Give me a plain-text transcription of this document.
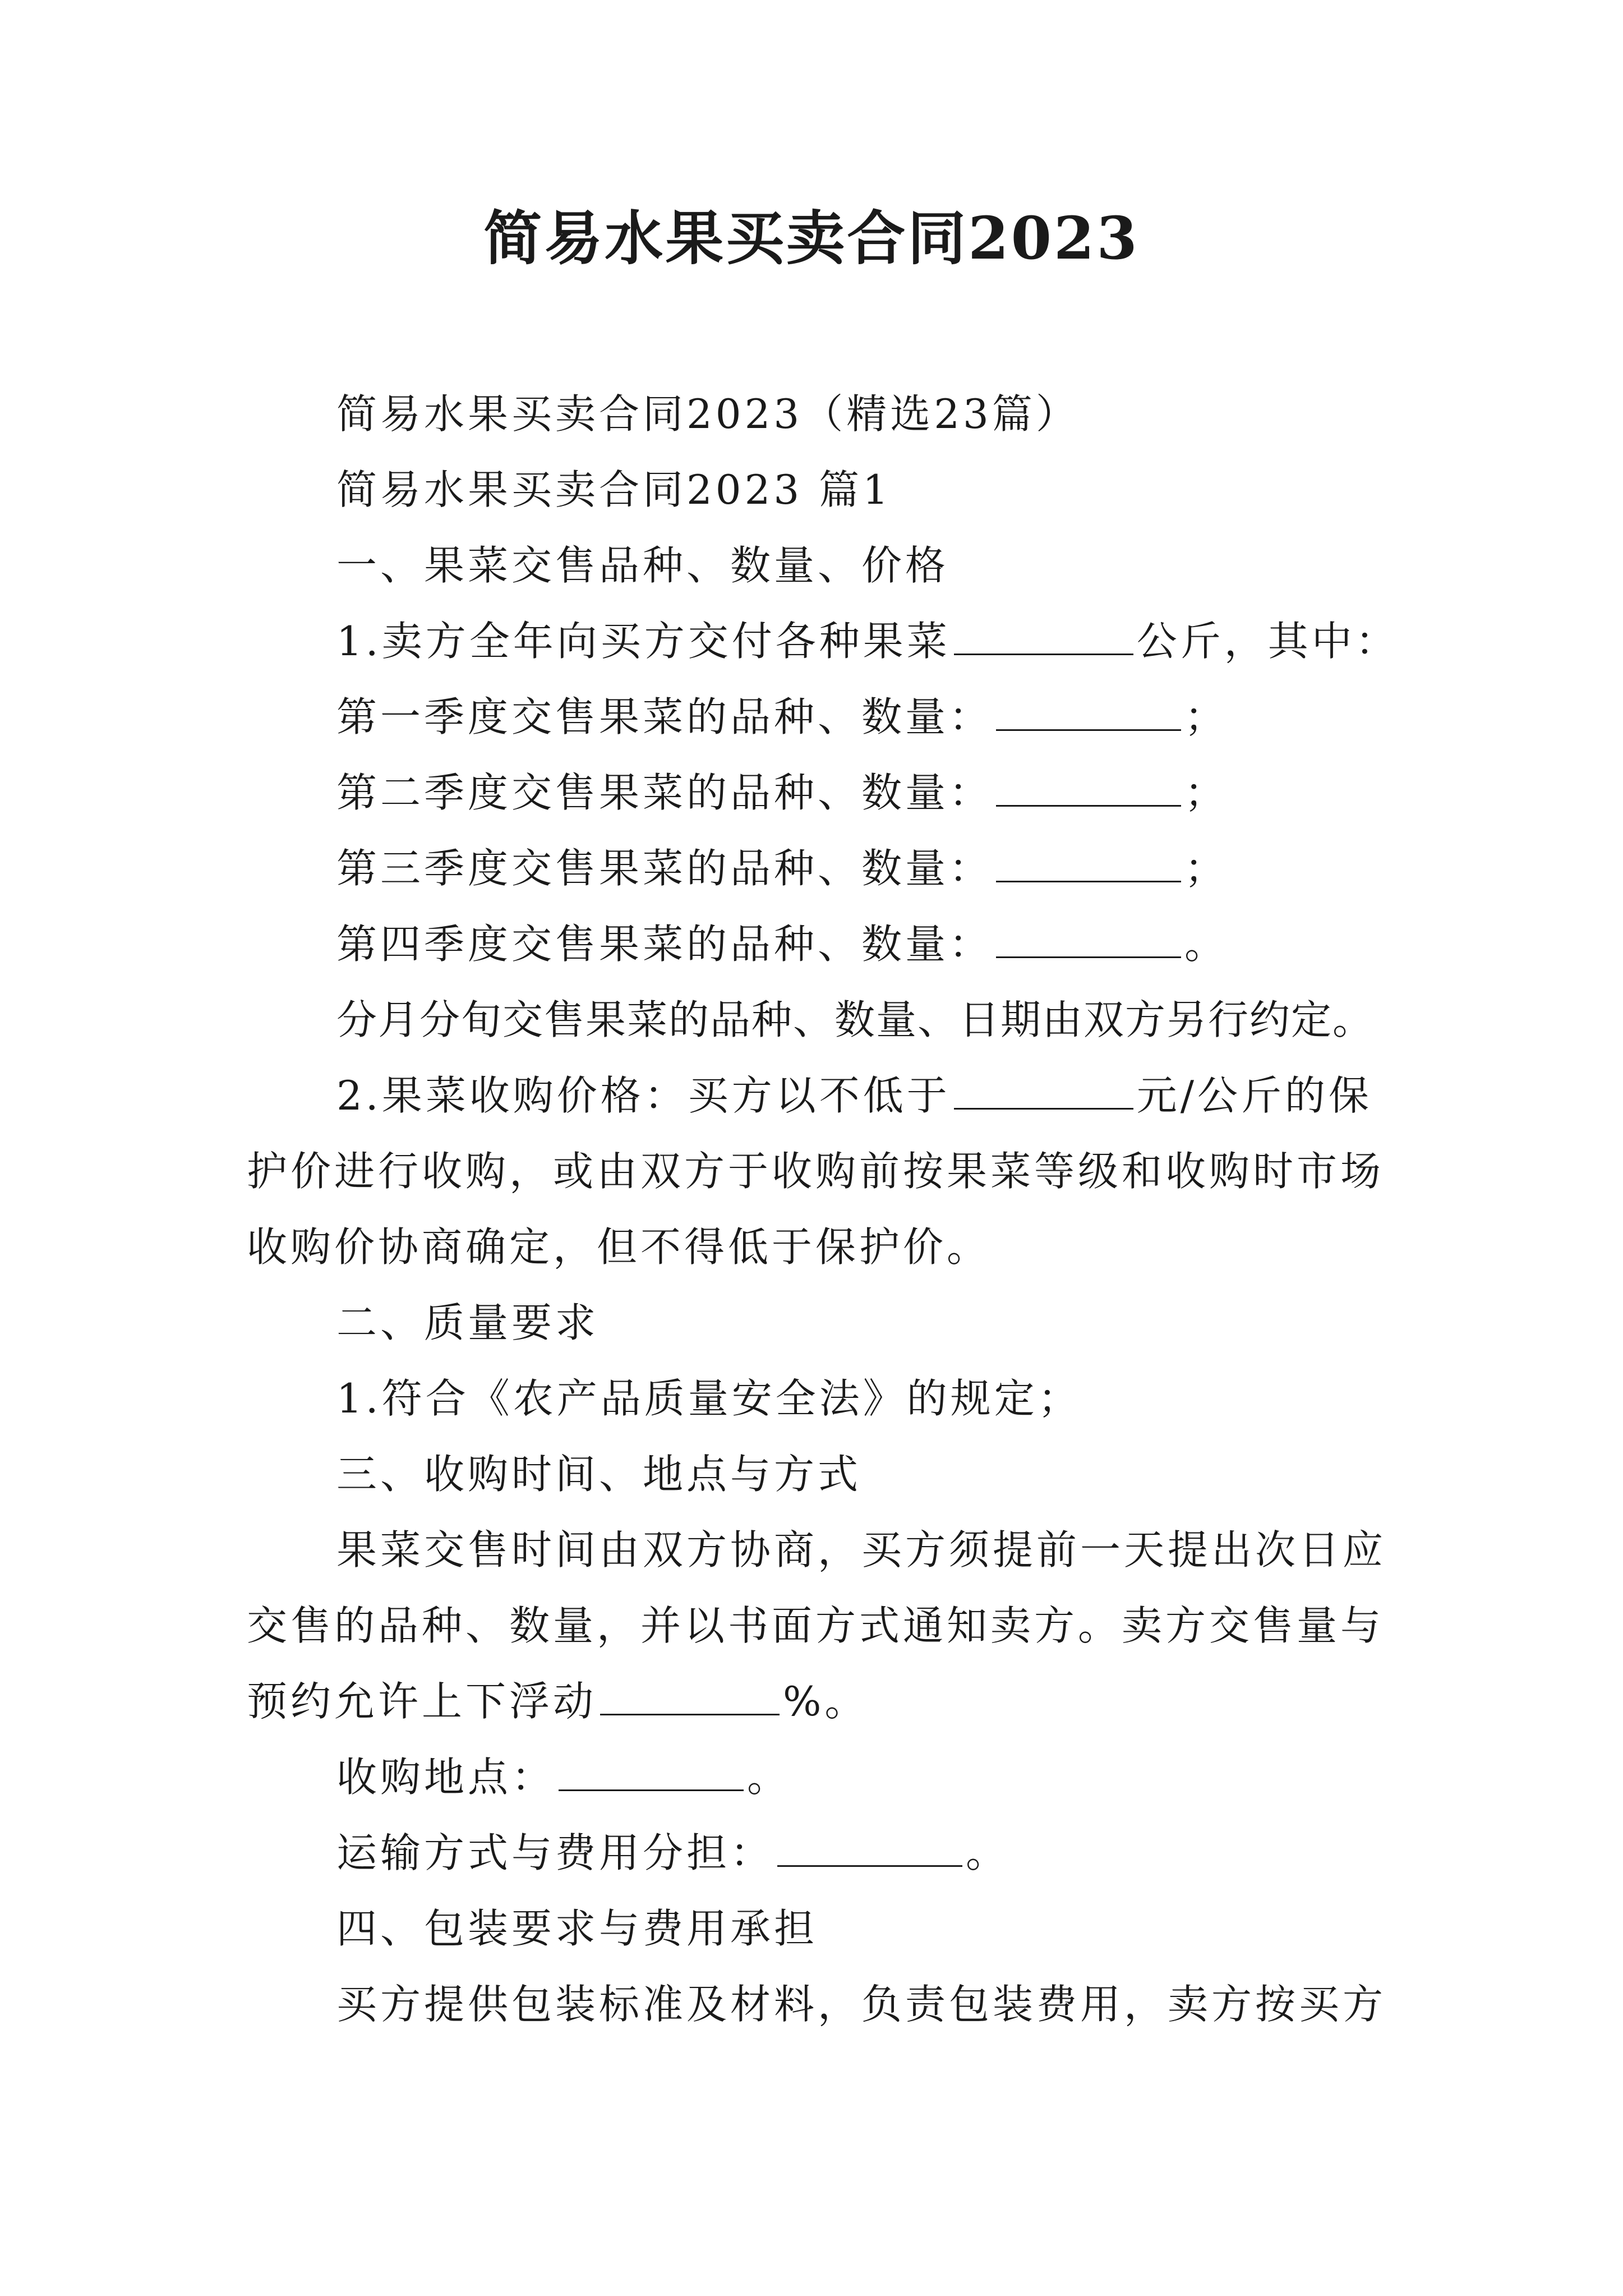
简易水果买卖合同2023
简易水果买卖合同2023（精选23篇）
简易水果买卖合同2023 篇1
一、果菜交售品种、数量、价格
1.卖方全年向买方交付各种果菜	公斤，其中：
第一季度交售果菜的品种、数量：	；
第二季度交售果菜的品种、数量：	；
第三季度交售果菜的品种、数量：	；
第四季度交售果菜的品种、数量：	。
分月分旬交售果菜的品种、数量、日期由双方另行约定。
2.果菜收购价格：买方以不低于	元/公斤的保
护价进行收购，或由双方于收购前按果菜等级和收购时市场
收购价协商确定，但不得低于保护价。
二、质量要求
1.符合《农产品质量安全法》的规定；
三、收购时间、地点与方式
果菜交售时间由双方协商，买方须提前一天提出次日应
交售的品种、数量，并以书面方式通知卖方。卖方交售量与
预约允许上下浮动	%。
收购地点：	。
运输方式与费用分担：	。
四、包装要求与费用承担
买方提供包装标准及材料，负责包装费用，卖方按买方
